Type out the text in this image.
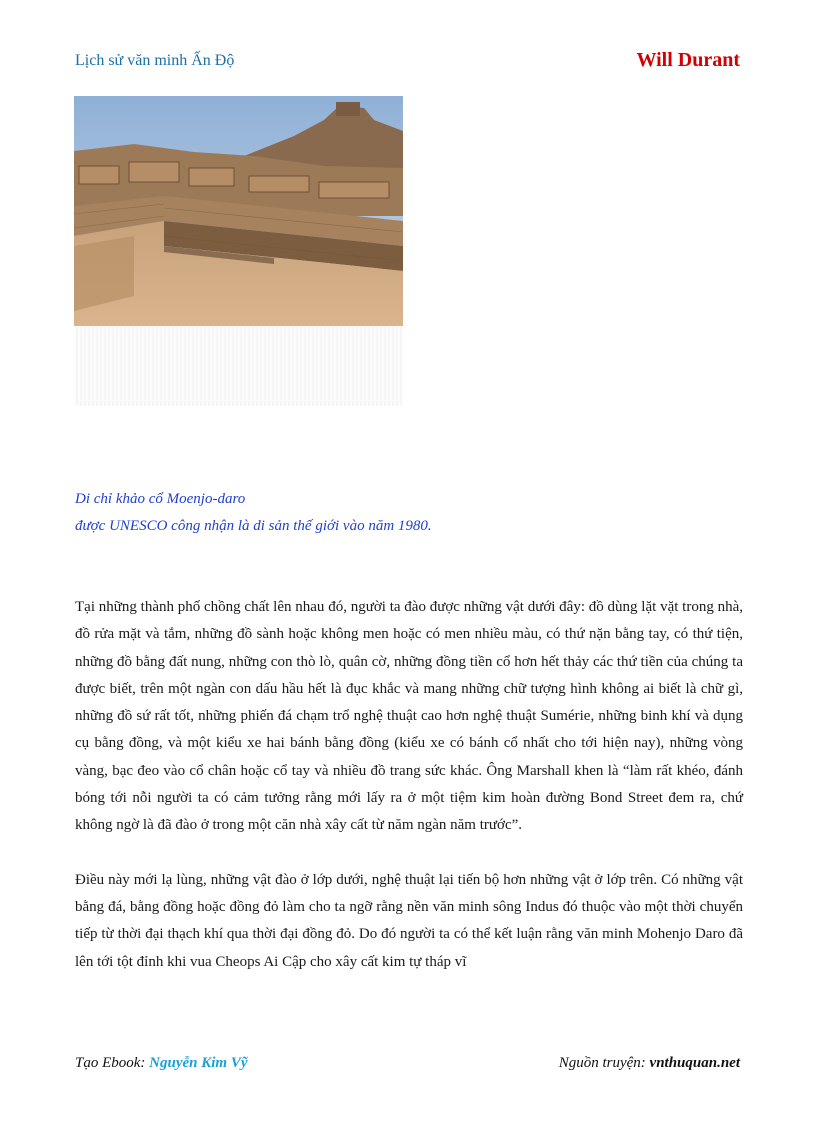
Lịch sử văn minh Ấn Độ	Will Durant
Di chỉ khảo cổ Moenjo-daro
được UNESCO công nhận là di sản thế giới vào năm 1980.

Tại những thành phố chồng chất lên nhau đó, người ta đào được những vật dưới đây: đồ dùng lặt vặt trong nhà, đồ rửa mặt và tắm, những đồ sành hoặc không men hoặc có men nhiều màu, có thứ nặn bằng tay, có thứ tiện, những đồ bằng đất nung, những con thò lò, quân cờ, những đồng tiền cổ hơn hết thảy các thứ tiền của chúng ta được biết, trên một ngàn con dấu hầu hết là đục khắc và mang những chữ tượng hình không ai biết là chữ gì, những đồ sứ rất tốt, những phiến đá chạm trổ nghệ thuật cao hơn nghệ thuật Sumérie, những binh khí và dụng cụ bằng đồng, và một kiểu xe hai bánh bằng đồng (kiểu xe có bánh cổ nhất cho tới hiện nay), những vòng vàng, bạc đeo vào cổ chân hoặc cổ tay và nhiều đồ trang sức khác. Ông Marshall khen là “làm rất khéo, đánh bóng tới nỗi người ta có cảm tưởng rằng mới lấy ra ở một tiệm kim hoàn đường Bond Street đem ra, chứ không ngờ là đã đào ở trong một căn nhà xây cất từ năm ngàn năm trước”.

Điều này mới lạ lùng, những vật đào ở lớp dưới, nghệ thuật lại tiến bộ hơn những vật ở lớp trên. Có những vật bằng đá, bằng đồng hoặc đồng đỏ làm cho ta ngỡ rằng nền văn minh sông Indus đó thuộc vào một thời chuyển tiếp từ thời đại thạch khí qua thời đại đồng đỏ. Do đó người ta có thể kết luận rằng văn minh Mohenjo Daro đã lên tới tột đỉnh khi vua Cheops Ai Cập cho xây cất kim tự tháp vĩ

Tạo Ebook: Nguyễn Kim Vỹ	Nguồn truyện: vnthuquan.net
